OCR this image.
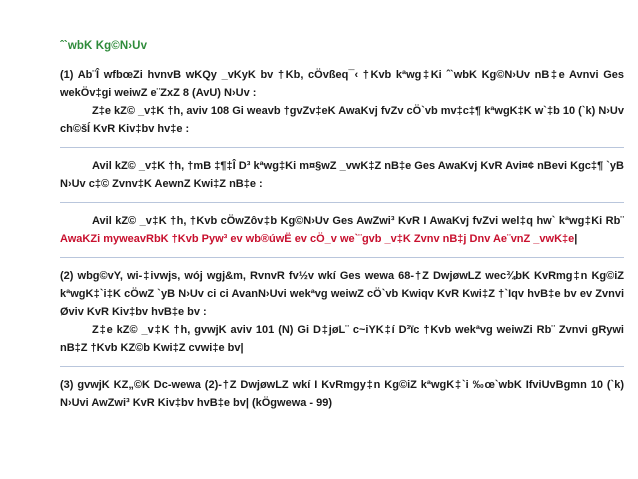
ˆ`wbK Kg©N›Uv

(1) Ab¨Î wfbœZi hvnvB wKQy _vKyK bv †Kb, cÖvßeq¯‹ †Kvb kªwg‡Ki ˆ`wbK Kg©N›Uv nB‡e Avnvi Ges wekÖv‡gi weiwZ e¨ZxZ 8 (AvU) N›Uv :

Z‡e kZ© _v‡K †h, aviv 108 Gi weavb †gvZv‡eK AwaKvj fvZv cÖ`vb mv‡c‡¶ kªwgK‡K w`‡b 10 (`k) N›Uv ch©šÍ KvR Kiv‡bv hv‡e :

Avil kZ© _v‡K †h, †mB ‡¶‡Î D³ kªwg‡Ki m¤§wZ _vwK‡Z nB‡e Ges AwaKvj KvR Avi¤¢ nBevi Kgc‡¶ `yB N›Uv c‡© Zvnv‡K AewnZ Kwi‡Z nB‡e :

Avil kZ© _v‡K †h, †Kvb cÖwZôv‡b Kg©N›Uv Ges AwZwi³ KvR I AwaKvj fvZvi wel‡q hw` kªwg‡Ki Rb¨ AwaKZi myweavRbK †Kvb Pyw³ ev wb®úwË ev cÖ_v we`¨gvb _v‡K Zvnv nB‡j Dnv Ae¨vnZ _vwK‡e|

(2) wbg©vY, wi-‡ivwjs, wój wgj&m, RvnvR fv½v wkí Ges wewa 68-†Z DwjøwLZ wec¾bK KvRmg‡n Kg©iZ kªwgK‡`i‡K cÖwZ `yB N›Uv ci ci AvanN›Uvi wekªvg weiwZ cÖ`vb Kwiqv KvR Kwi‡Z †`Iqv hvB‡e bv ev Zvnvi Øviv KvR Kiv‡bv hvB‡e bv :

Z‡e kZ© _v‡K †h, gvwjK aviv 101 (N) Gi D‡jøL¨ c~iYK‡í D³ïc †Kvb wekªvg weiwZi Rb¨ Zvnvi gRywi nB‡Z †Kvb KZ©b Kwi‡Z cvwi‡e bv|

(3) gvwjK KZ„©K Dc-wewa (2)-†Z DwjøwLZ wkí I KvRmgy‡n Kg©iZ kªwgK‡`i ‰œ`wbK IfviUvBgmn 10 (`k) N›Uvi AwZwi³ KvR Kiv‡bv hvB‡e bv| (kÖgwewa - 99)
